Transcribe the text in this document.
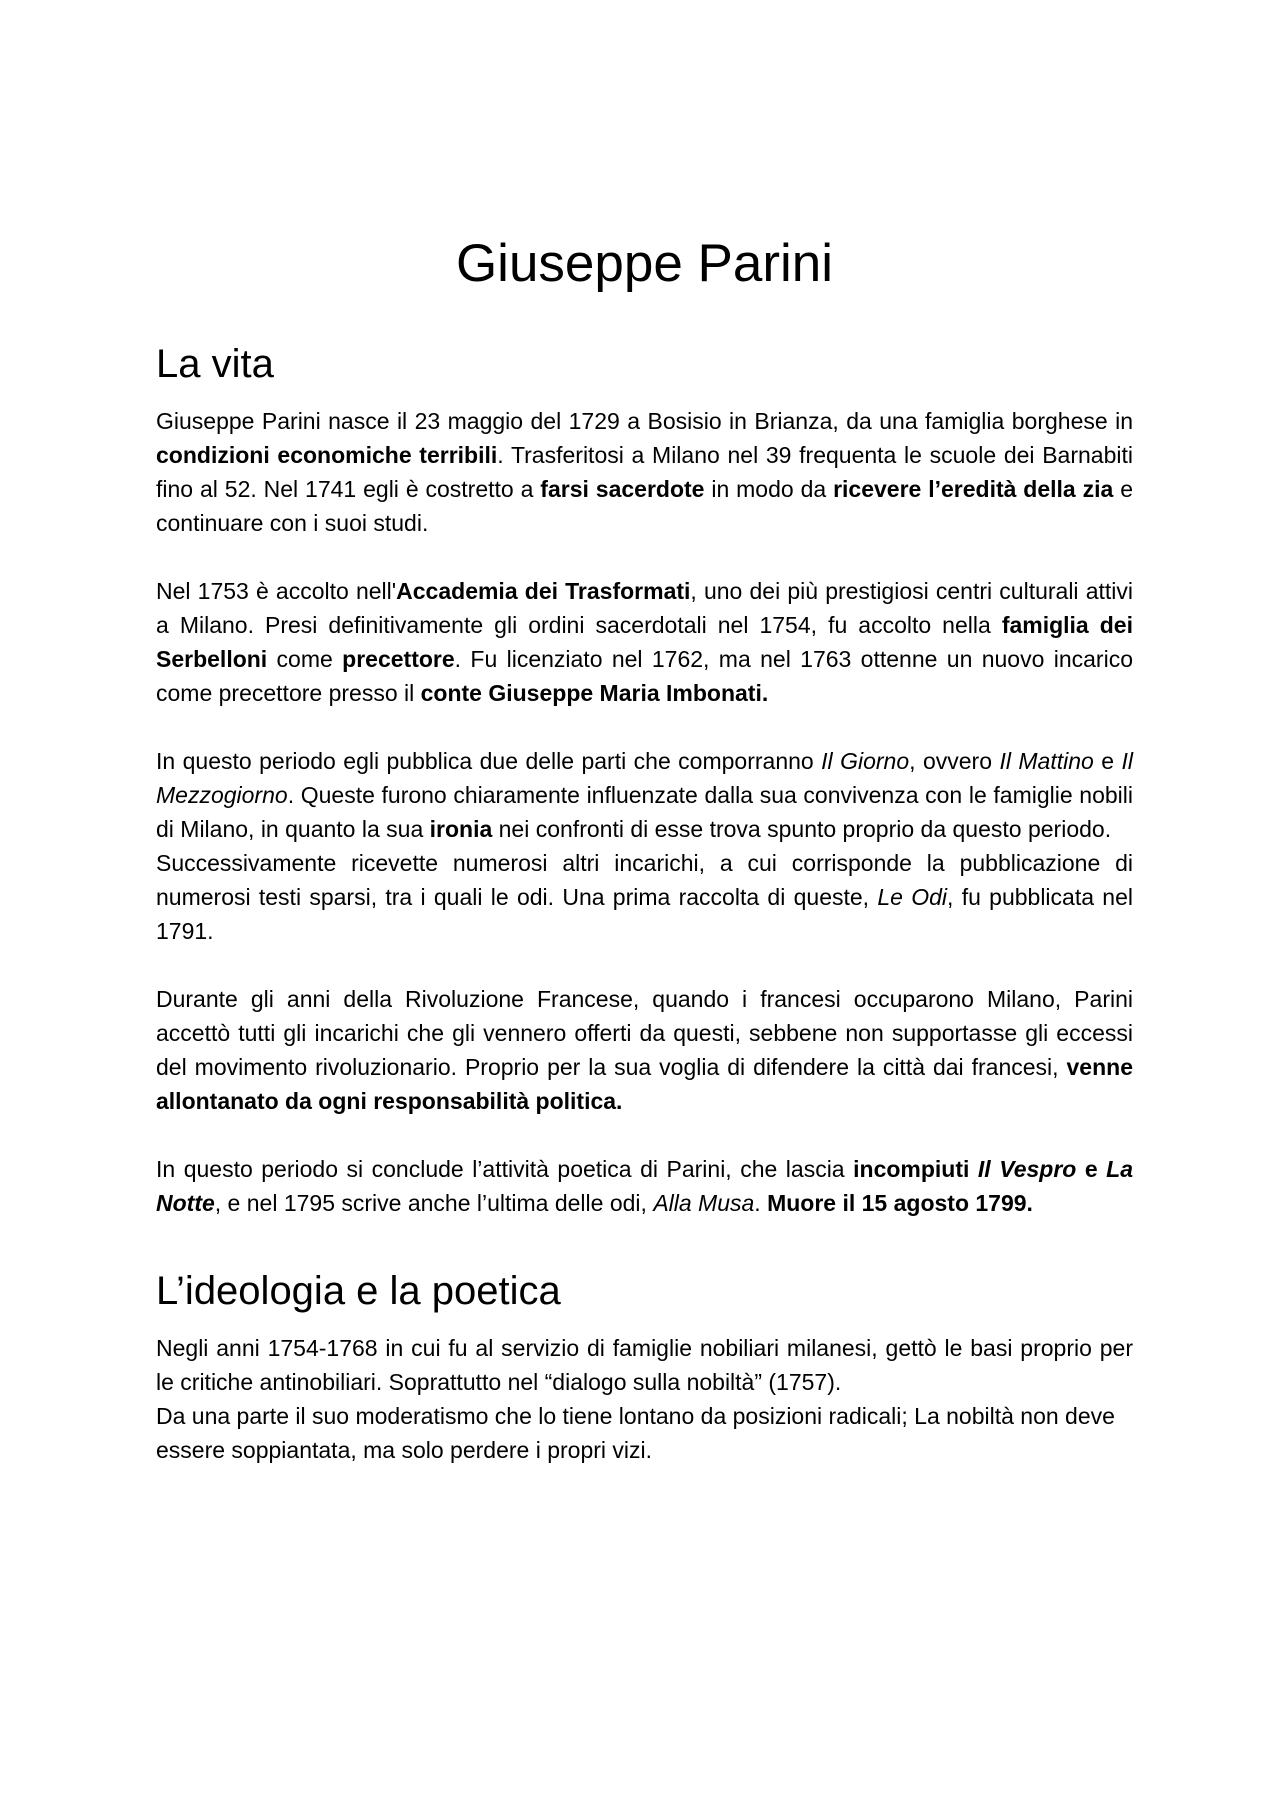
Giuseppe Parini
La vita

Giuseppe Parini nasce il 23 maggio del 1729 a Bosisio in Brianza, da una famiglia borghese in condizioni economiche terribili. Trasferitosi a Milano nel 39 frequenta le scuole dei Barnabiti fino al 52. Nel 1741 egli è costretto a farsi sacerdote in modo da ricevere l’eredità della zia e continuare con i suoi studi.

Nel 1753 è accolto nell'Accademia dei Trasformati, uno dei più prestigiosi centri culturali attivi a Milano. Presi definitivamente gli ordini sacerdotali nel 1754, fu accolto nella famiglia dei Serbelloni come precettore. Fu licenziato nel 1762, ma nel 1763 ottenne un nuovo incarico come precettore presso il conte Giuseppe Maria Imbonati.

In questo periodo egli pubblica due delle parti che comporranno Il Giorno, ovvero Il Mattino e Il Mezzogiorno. Queste furono chiaramente influenzate dalla sua convivenza con le famiglie nobili di Milano, in quanto la sua ironia nei confronti di esse trova spunto proprio da questo periodo.

Successivamente ricevette numerosi altri incarichi, a cui corrisponde la pubblicazione di numerosi testi sparsi, tra i quali le odi. Una prima raccolta di queste, Le Odi, fu pubblicata nel 1791.

Durante gli anni della Rivoluzione Francese, quando i francesi occuparono Milano, Parini accettò tutti gli incarichi che gli vennero offerti da questi, sebbene non supportasse gli eccessi del movimento rivoluzionario. Proprio per la sua voglia di difendere la città dai francesi, venne allontanato da ogni responsabilità politica.

In questo periodo si conclude l’attività poetica di Parini, che lascia incompiuti Il Vespro e La Notte, e nel 1795 scrive anche l’ultima delle odi, Alla Musa. Muore il 15 agosto 1799.

L’ideologia e la poetica

Negli anni 1754-1768 in cui fu al servizio di famiglie nobiliari milanesi, gettò le basi proprio per le critiche antinobiliari. Soprattutto nel “dialogo sulla nobiltà” (1757).

Da una parte il suo moderatismo che lo tiene lontano da posizioni radicali; La nobiltà non deve essere soppiantata, ma solo perdere i propri vizi.
